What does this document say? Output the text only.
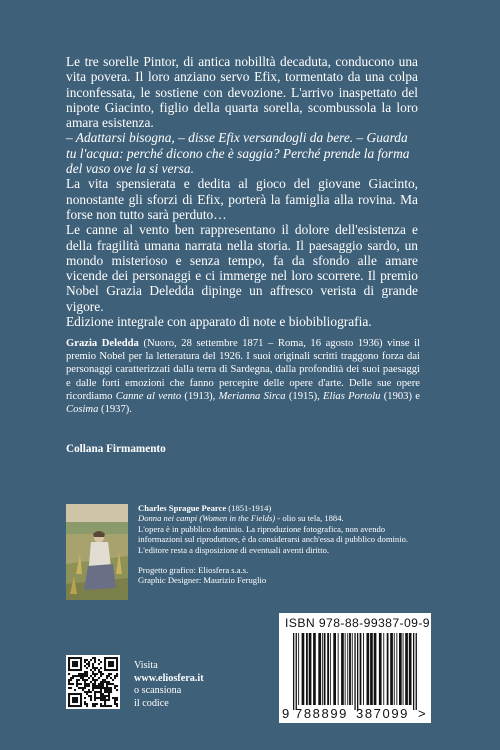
Le tre sorelle Pintor, di antica nobilltà decaduta, conducono una vita povera. Il loro anziano servo Efix, tormentato da una colpa inconfessata, le sostiene con devozione. L'arrivo inaspettato del nipote Giacinto, figlio della quarta sorella, scombussola la loro amara esistenza.

– Adattarsi bisogna, – disse Efix versandogli da bere. – Guarda tu l'acqua: perché dicono che è saggia? Perché prende la forma del vaso ove la si versa.

La vita spensierata e dedita al gioco del giovane Giacinto, nonostante gli sforzi di Efix, porterà la famiglia alla rovina. Ma forse non tutto sarà perduto…

Le canne al vento ben rappresentano il dolore dell'esistenza e della fragilità umana narrata nella storia. Il paesaggio sardo, un mondo misterioso e senza tempo, fa da sfondo alle amare vicende dei personaggi e ci immerge nel loro scorrere. Il premio Nobel Grazia Deledda dipinge un affresco verista di grande vigore.

Edizione integrale con apparato di note e biobibliografia.

Grazia Deledda (Nuoro, 28 settembre 1871 – Roma, 16 agosto 1936) vinse il premio Nobel per la letteratura del 1926. I suoi originali scritti traggono forza dai personaggi caratterizzati dalla terra di Sardegna, dalla profondità dei suoi paesaggi e dalle forti emozioni che fanno percepire delle opere d'arte. Delle sue opere ricordiamo Canne al vento (1913), Merianna Sirca (1915), Elias Portolu (1903) e Cosima (1937).
Collana Firmamento

Charles Sprague Pearce (1851-1914)

Donna nei campi (Women in the Fields) - olio su tela, 1884.

L'opera è in pubblico dominio. La riproduzione fotografica, non avendo informazioni sul riproduttore, è da considerarsi anch'essa di pubblico dominio. L'editore resta a disposizione di eventuali aventi diritto.

Progetto grafico: Eliosfera s.a.s.

Graphic Designer: Maurizio Feruglio

ISBN 978-88-99387-09-9
9 788899 387099 >

Visita

www.eliosfera.it

o scansiona

il codice
